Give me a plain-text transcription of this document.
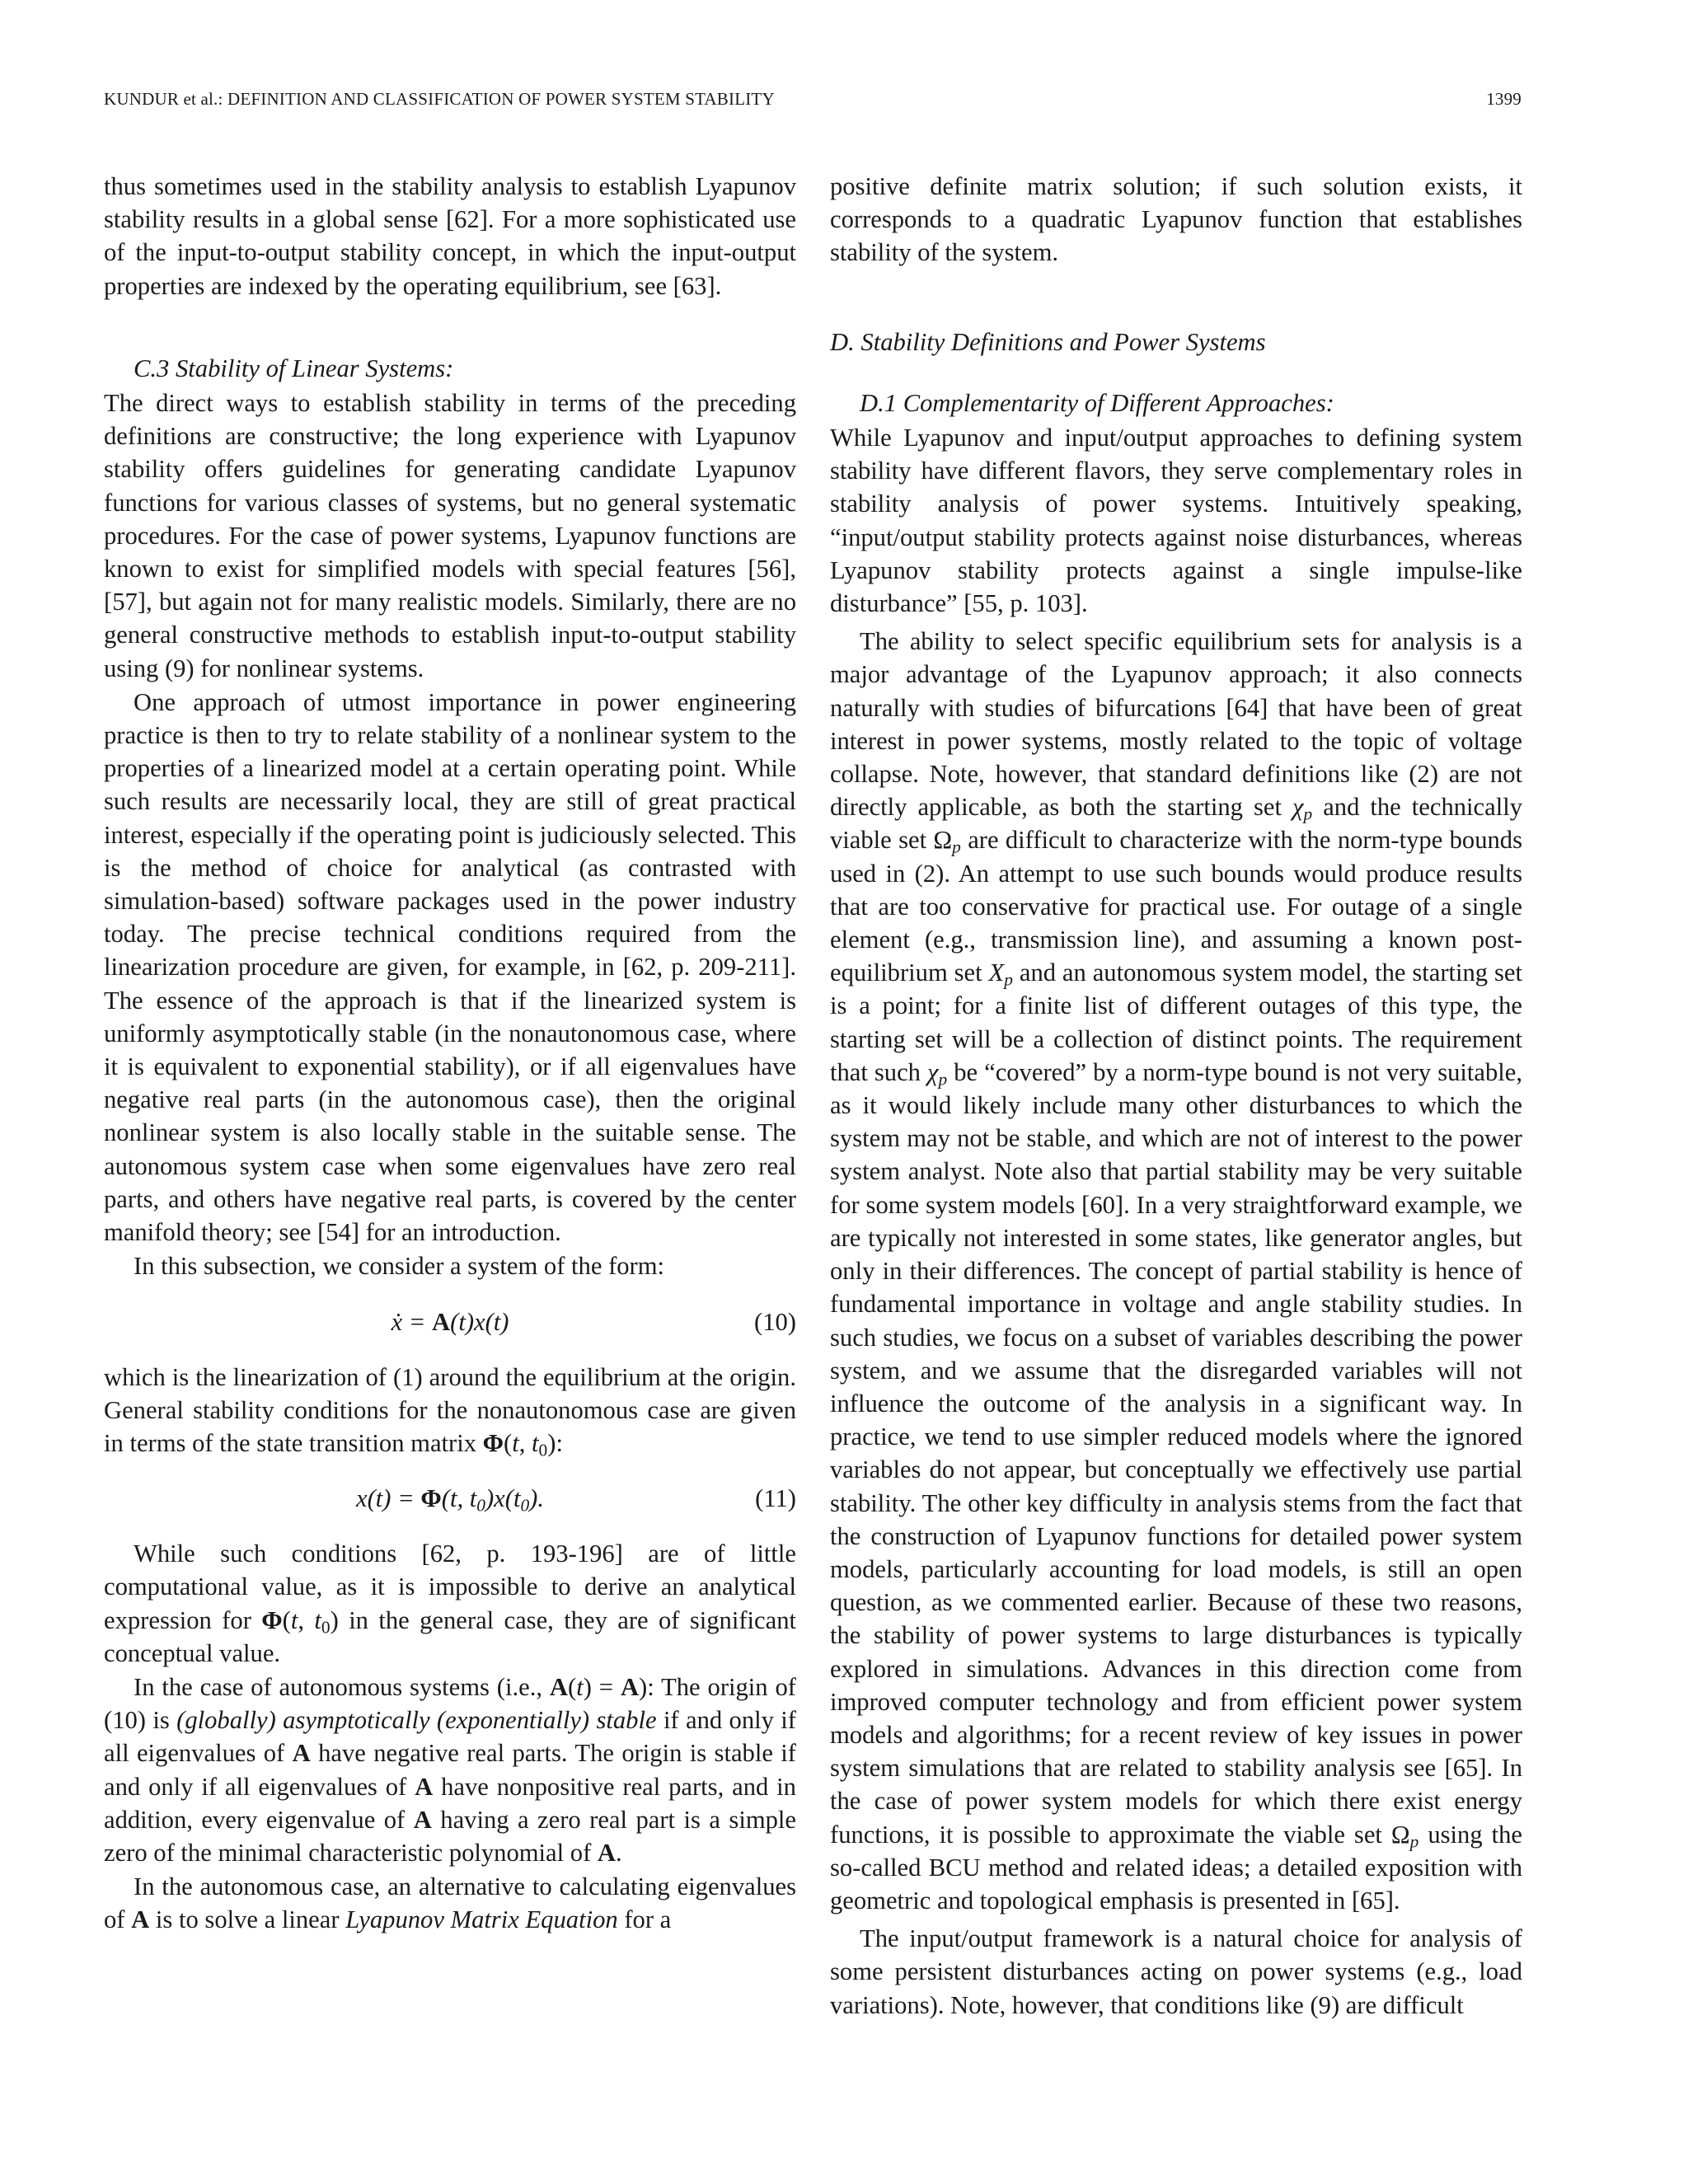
KUNDUR et al.: DEFINITION AND CLASSIFICATION OF POWER SYSTEM STABILITY	1399

thus sometimes used in the stability analysis to establish Lyapunov stability results in a global sense [62]. For a more sophisticated use of the input-to-output stability concept, in which the input-output properties are indexed by the operating equilibrium, see [63].

C.3 Stability of Linear Systems:

The direct ways to establish stability in terms of the preceding definitions are constructive; the long experience with Lyapunov stability offers guidelines for generating candidate Lyapunov functions for various classes of systems, but no general systematic procedures. For the case of power systems, Lyapunov functions are known to exist for simplified models with special features [56], [57], but again not for many realistic models. Similarly, there are no general constructive methods to establish input-to-output stability using (9) for nonlinear systems.

One approach of utmost importance in power engineering practice is then to try to relate stability of a nonlinear system to the properties of a linearized model at a certain operating point. While such results are necessarily local, they are still of great practical interest, especially if the operating point is judiciously selected. This is the method of choice for analytical (as contrasted with simulation-based) software packages used in the power industry today. The precise technical conditions required from the linearization procedure are given, for example, in [62, p. 209-211]. The essence of the approach is that if the linearized system is uniformly asymptotically stable (in the nonautonomous case, where it is equivalent to exponential stability), or if all eigenvalues have negative real parts (in the autonomous case), then the original nonlinear system is also locally stable in the suitable sense. The autonomous system case when some eigenvalues have zero real parts, and others have negative real parts, is covered by the center manifold theory; see [54] for an introduction.

In this subsection, we consider a system of the form:

ẋ = A(t)x(t)	(10)

which is the linearization of (1) around the equilibrium at the origin. General stability conditions for the nonautonomous case are given in terms of the state transition matrix Φ(t, $t_0$):

x(t) = Φ(t, $t_0)x(t_0)$.	(11)

While such conditions [62, p. 193-196] are of little computational value, as it is impossible to derive an analytical expression for Φ(t, $t_0$) in the general case, they are of significant conceptual value.

In the case of autonomous systems (i.e., A(t) = A): The origin of (10) is (globally) asymptotically (exponentially) stable if and only if all eigenvalues of A have negative real parts. The origin is stable if and only if all eigenvalues of A have nonpositive real parts, and in addition, every eigenvalue of A having a zero real part is a simple zero of the minimal characteristic polynomial of A.

In the autonomous case, an alternative to calculating eigenvalues of A is to solve a linear Lyapunov Matrix Equation for a

positive definite matrix solution; if such solution exists, it corresponds to a quadratic Lyapunov function that establishes stability of the system.

D. Stability Definitions and Power Systems

D.1 Complementarity of Different Approaches:

While Lyapunov and input/output approaches to defining system stability have different flavors, they serve complementary roles in stability analysis of power systems. Intuitively speaking, “input/output stability protects against noise disturbances, whereas Lyapunov stability protects against a single impulse-like disturbance” [55, p. 103].

The ability to select specific equilibrium sets for analysis is a major advantage of the Lyapunov approach; it also connects naturally with studies of bifurcations [64] that have been of great interest in power systems, mostly related to the topic of voltage collapse. Note, however, that standard definitions like (2) are not directly applicable, as both the starting set $\chi_p$ and the technically viable set $\Omega_p$ are difficult to characterize with the norm-type bounds used in (2). An attempt to use such bounds would produce results that are too conservative for practical use. For outage of a single element (e.g., transmission line), and assuming a known post-equilibrium set $X_p$ and an autonomous system model, the starting set is a point; for a finite list of different outages of this type, the starting set will be a collection of distinct points. The requirement that such $\chi_p$ be “covered” by a norm-type bound is not very suitable, as it would likely include many other disturbances to which the system may not be stable, and which are not of interest to the power system analyst. Note also that partial stability may be very suitable for some system models [60]. In a very straightforward example, we are typically not interested in some states, like generator angles, but only in their differences. The concept of partial stability is hence of fundamental importance in voltage and angle stability studies. In such studies, we focus on a subset of variables describing the power system, and we assume that the disregarded variables will not influence the outcome of the analysis in a significant way. In practice, we tend to use simpler reduced models where the ignored variables do not appear, but conceptually we effectively use partial stability. The other key difficulty in analysis stems from the fact that the construction of Lyapunov functions for detailed power system models, particularly accounting for load models, is still an open question, as we commented earlier. Because of these two reasons, the stability of power systems to large disturbances is typically explored in simulations. Advances in this direction come from improved computer technology and from efficient power system models and algorithms; for a recent review of key issues in power system simulations that are related to stability analysis see [65]. In the case of power system models for which there exist energy functions, it is possible to approximate the viable set $\Omega_p$ using the so-called BCU method and related ideas; a detailed exposition with geometric and topological emphasis is presented in [65].

The input/output framework is a natural choice for analysis of some persistent disturbances acting on power systems (e.g., load variations). Note, however, that conditions like (9) are difficult
